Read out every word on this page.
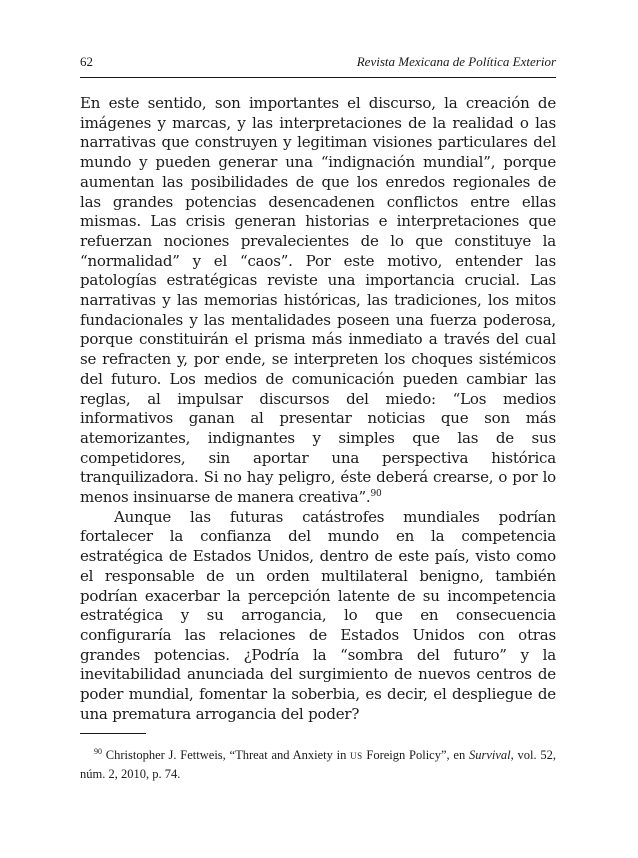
62	Revista Mexicana de Política Exterior

En este sentido, son importantes el discurso, la creación de imágenes y marcas, y las interpretaciones de la realidad o las narrativas que construyen y legitiman visiones particulares del mundo y pueden generar una “indignación mundial”, porque aumentan las posibilidades de que los enredos regionales de las grandes potencias desencadenen conflictos entre ellas mismas. Las crisis generan historias e interpretaciones que refuerzan nociones prevalecientes de lo que constituye la “normalidad” y el “caos”. Por este motivo, entender las patologías estratégicas reviste una importancia crucial. Las narrativas y las memorias históricas, las tradiciones, los mitos fundacionales y las mentalidades poseen una fuerza poderosa, porque constituirán el prisma más inmediato a través del cual se refracten y, por ende, se interpreten los choques sistémicos del futuro. Los medios de comunicación pueden cambiar las reglas, al impulsar discursos del miedo: “Los medios informativos ganan al presentar noticias que son más atemorizantes, indignantes y simples que las de sus competidores, sin aportar una perspectiva histórica tranquilizadora. Si no hay peligro, éste deberá crearse, o por lo menos insinuarse de manera creativa”.$^{90}$

Aunque las futuras catástrofes mundiales podrían fortalecer la confianza del mundo en la competencia estratégica de Estados Unidos, dentro de este país, visto como el responsable de un orden multilateral benigno, también podrían exacerbar la percepción latente de su incompetencia estratégica y su arrogancia, lo que en consecuencia configuraría las relaciones de Estados Unidos con otras grandes potencias. ¿Podría la “sombra del futuro” y la inevitabilidad anunciada del surgimiento de nuevos centros de poder mundial, fomentar la soberbia, es decir, el despliegue de una prematura arrogancia del poder?

$^{90}$ Christopher J. Fettweis, “Threat and Anxiety in US Foreign Policy”, en Survival, vol. 52, núm. 2, 2010, p. 74.
